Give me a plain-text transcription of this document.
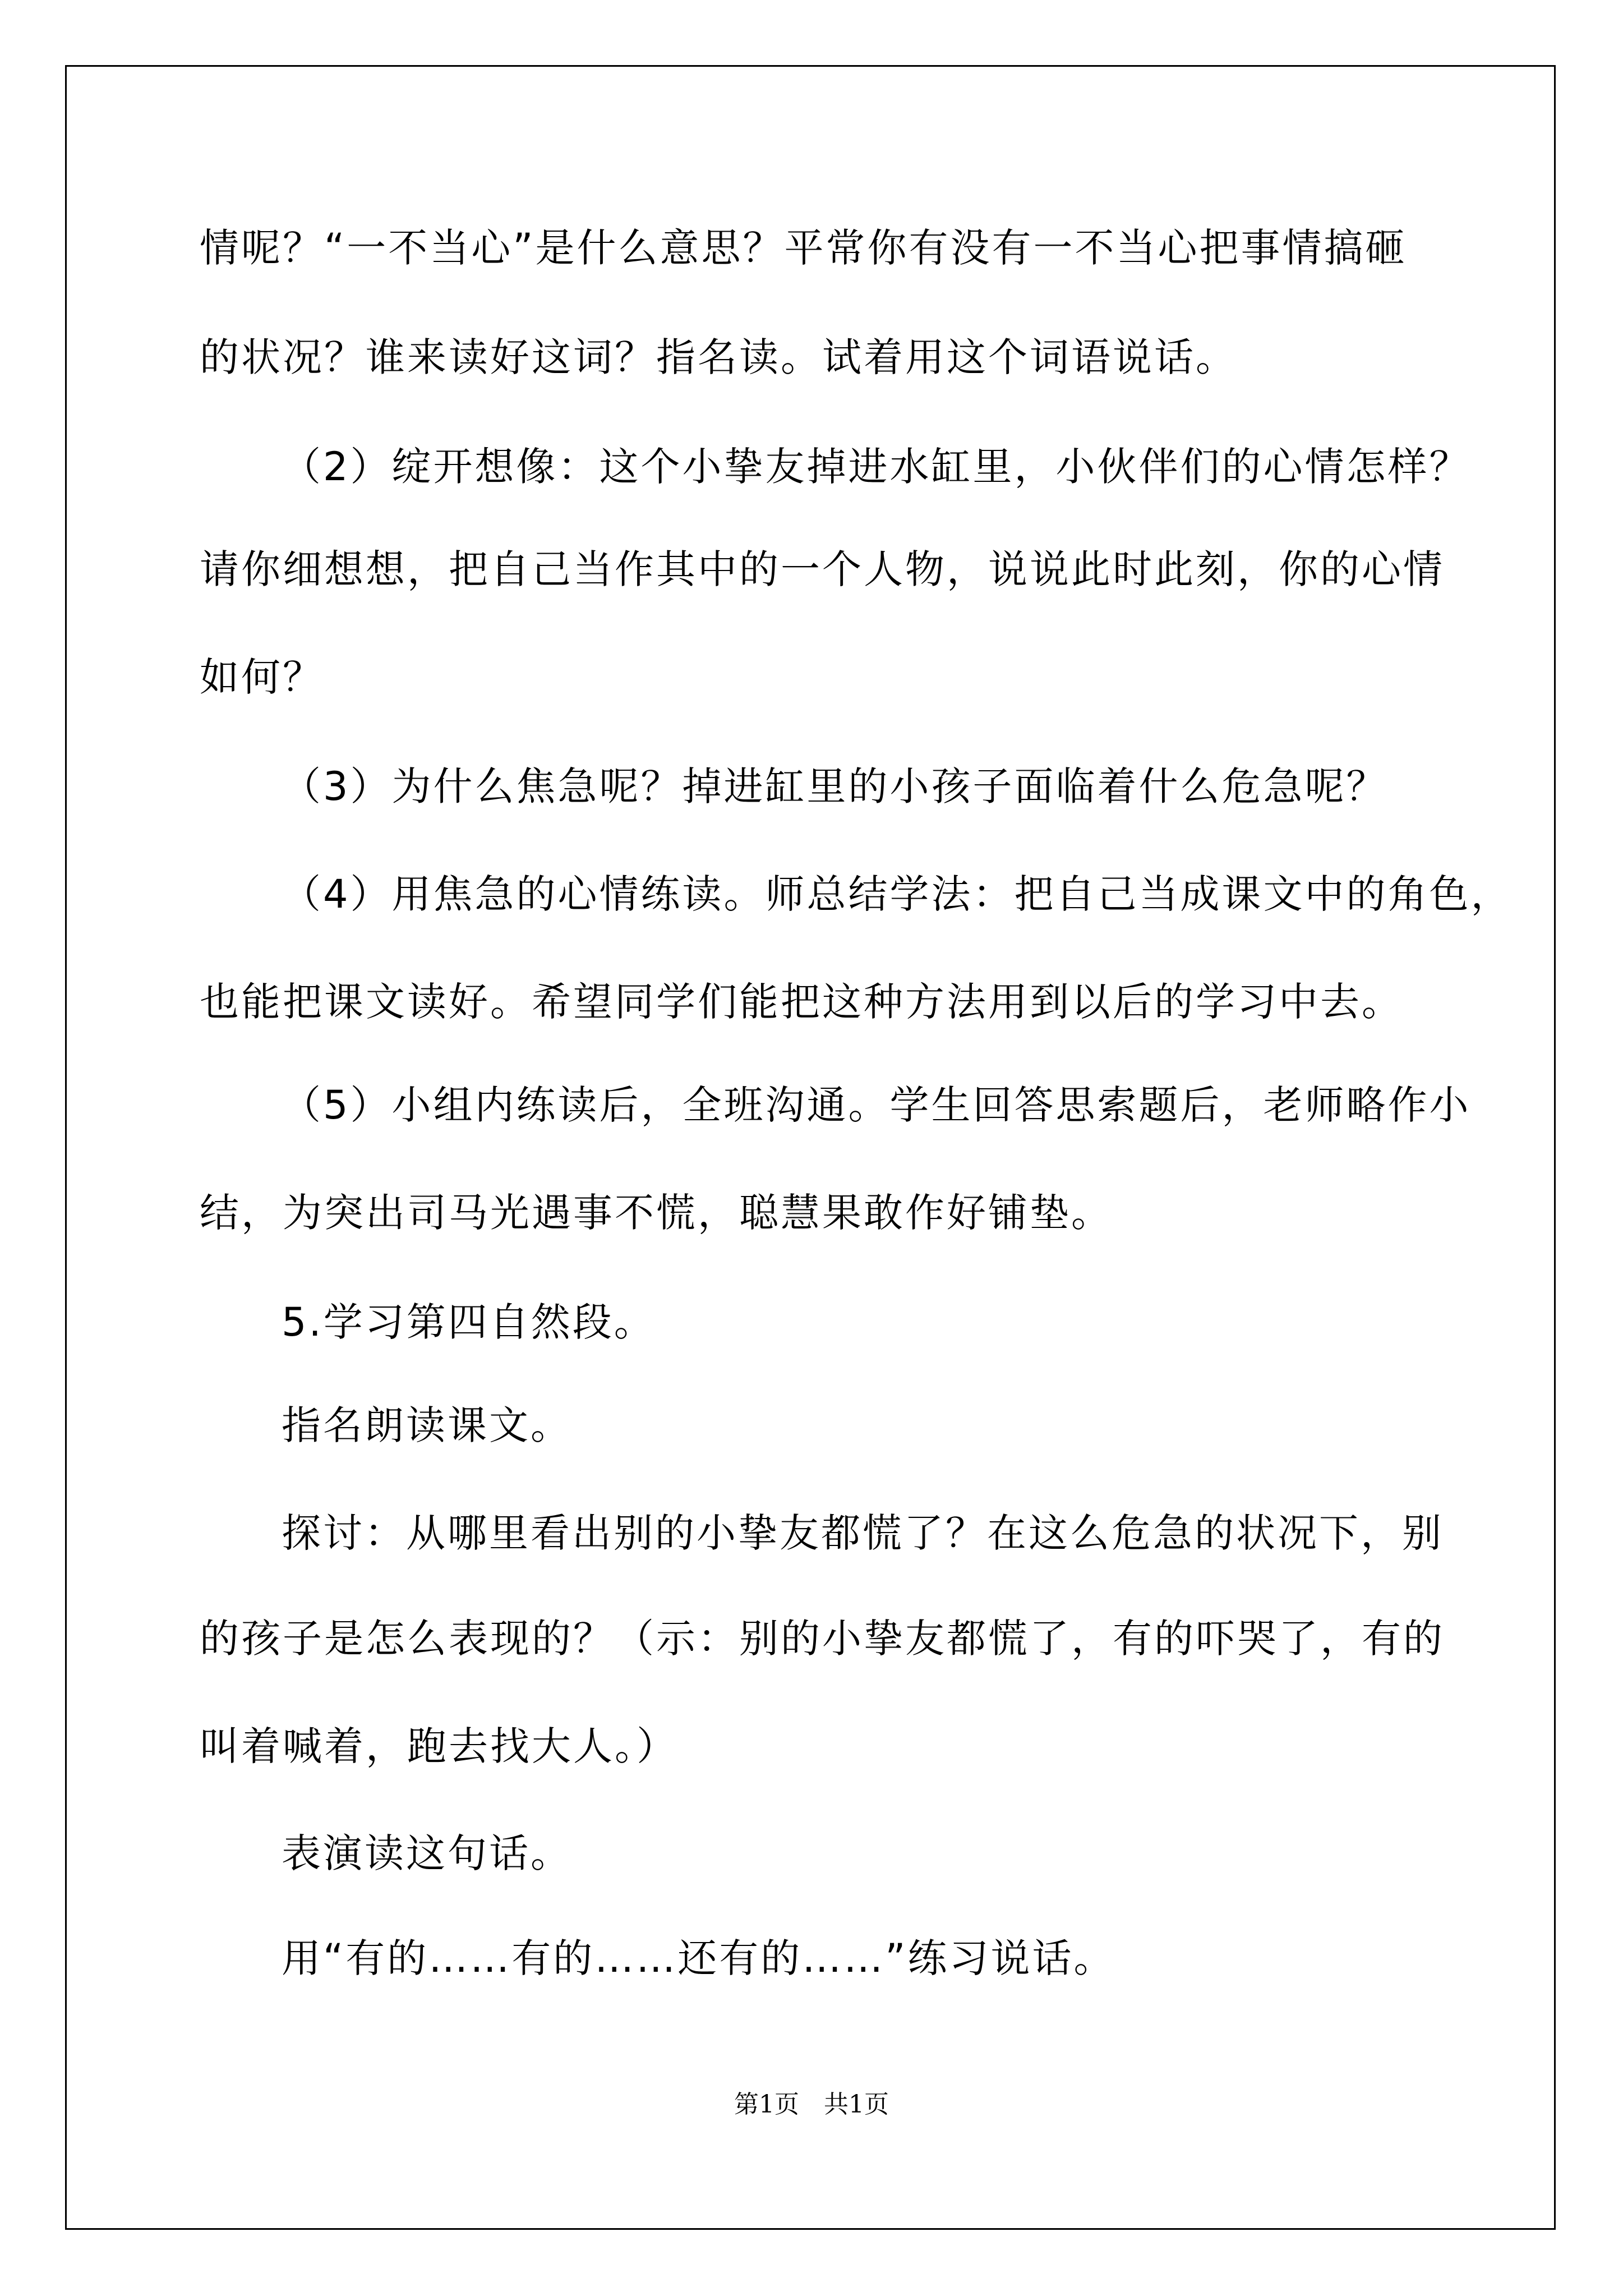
情呢？“一不当心”是什么意思？平常你有没有一不当心把事情搞砸
的状况？谁来读好这词？指名读。试着用这个词语说话。
（2）绽开想像：这个小挚友掉进水缸里，小伙伴们的心情怎样？
请你细想想，把自己当作其中的一个人物，说说此时此刻，你的心情
如何？
（3）为什么焦急呢？掉进缸里的小孩子面临着什么危急呢？
（4）用焦急的心情练读。师总结学法：把自己当成课文中的角色，
也能把课文读好。希望同学们能把这种方法用到以后的学习中去。
（5）小组内练读后，全班沟通。学生回答思索题后，老师略作小
结，为突出司马光遇事不慌，聪慧果敢作好铺垫。
5.学习第四自然段。
指名朗读课文。
探讨：从哪里看出别的小挚友都慌了？在这么危急的状况下，别
的孩子是怎么表现的？（示：别的小挚友都慌了，有的吓哭了，有的
叫着喊着，跑去找大人。）
表演读这句话。
用“有的……有的……还有的……”练习说话。
第1页　共1页
